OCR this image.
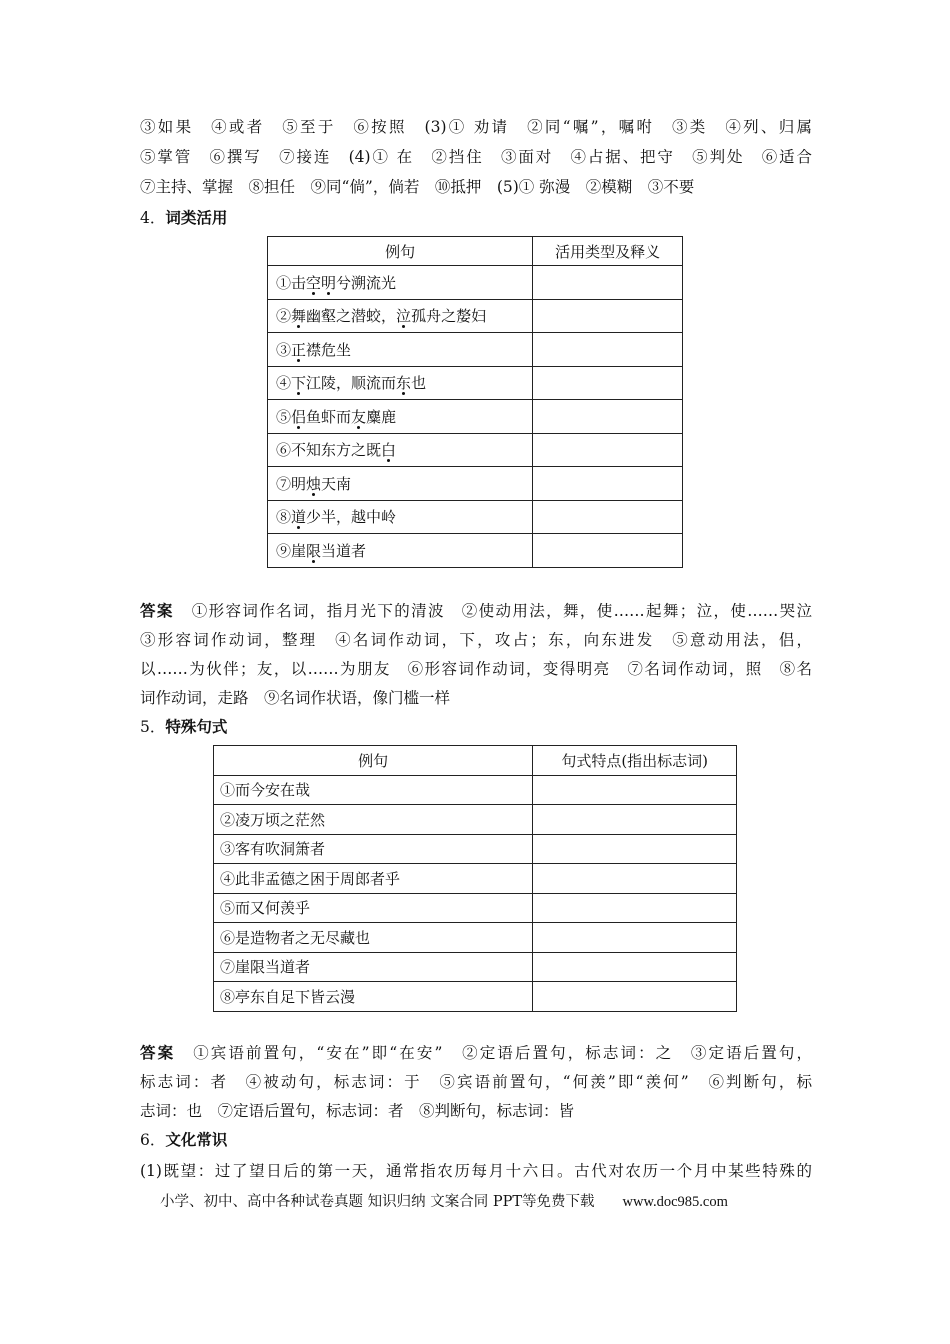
③如果　④或者　⑤至于　⑥按照　(3)① 劝请　②同“嘱”，嘱咐　③类　④列、归属
⑤掌管　⑥撰写　⑦接连　(4)① 在　②挡住　③面对　④占据、把守　⑤判处　⑥适合
⑦主持、掌握　⑧担任　⑨同“倘”，倘若　⑩抵押　(5)① 弥漫　②模糊　③不要
4．词类活用
例句	活用类型及释义
①击空明兮溯流光	
②舞幽壑之潜蛟，泣孤舟之嫠妇	
③正襟危坐	
④下江陵，顺流而东也	
⑤侣鱼虾而友麋鹿	
⑥不知东方之既白	
⑦明烛天南	
⑧道少半，越中岭	
⑨崖限当道者	
答案 ①形容词作名词，指月光下的清波　②使动用法，舞，使……起舞；泣，使……哭泣
③形容词作动词，整理　④名词作动词，下，攻占；东，向东进发　⑤意动用法，侣，
以……为伙伴；友，以……为朋友　⑥形容词作动词，变得明亮　⑦名词作动词，照　⑧名
词作动词，走路　⑨名词作状语，像门槛一样
5．特殊句式
例句	句式特点(指出标志词)
①而今安在哉	
②凌万顷之茫然	
③客有吹洞箫者	
④此非孟德之困于周郎者乎	
⑤而又何羡乎	
⑥是造物者之无尽藏也	
⑦崖限当道者	
⑧亭东自足下皆云漫	
答案 ①宾语前置句，“安在”即“在安”　②定语后置句，标志词：之　③定语后置句，
标志词：者　④被动句，标志词：于　⑤宾语前置句，“何羡”即“羡何”　⑥判断句，标
志词：也　⑦定语后置句，标志词：者　⑧判断句，标志词：皆
6．文化常识
(1)既望：过了望日后的第一天，通常指农历每月十六日。古代对农历一个月中某些特殊的
小学、初中、高中各种试卷真题 知识归纳 文案合同 PPT等免费下载 www.doc985.com
